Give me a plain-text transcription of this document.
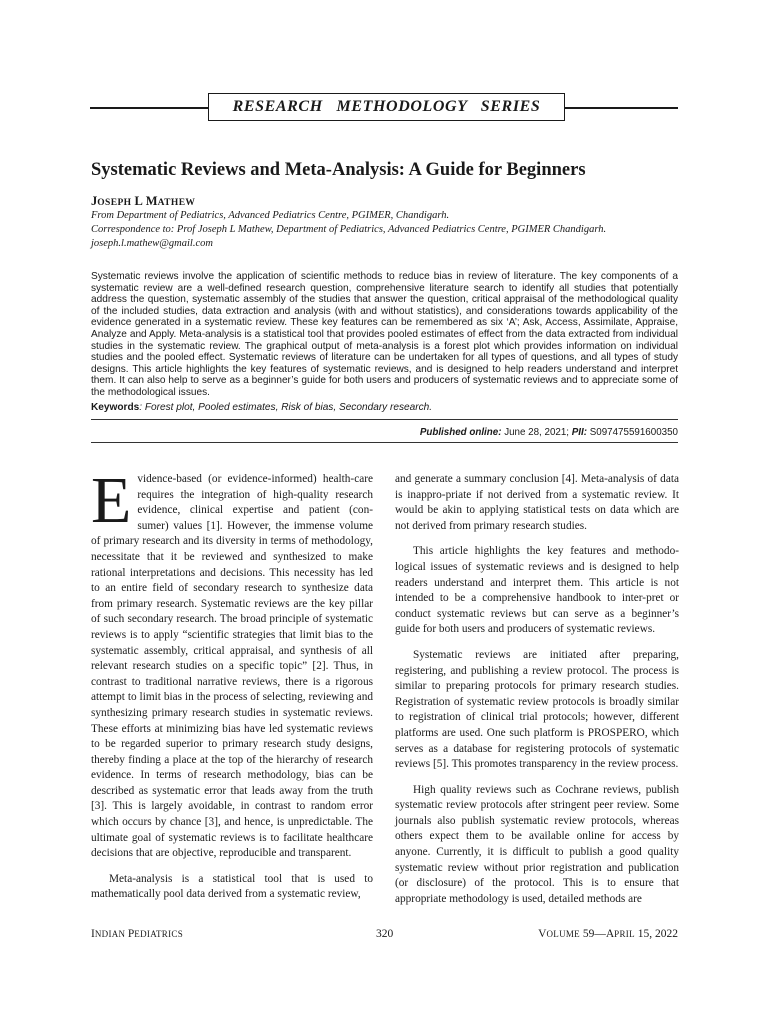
RESEARCH   METHODOLOGY   SERIES
Systematic Reviews and Meta-Analysis: A Guide for Beginners
JOSEPH L MATHEW
From Department of Pediatrics, Advanced Pediatrics Centre, PGIMER, Chandigarh.
Correspondence to: Prof Joseph L Mathew, Department of Pediatrics, Advanced Pediatrics Centre, PGIMER Chandigarh.
joseph.l.mathew@gmail.com
Systematic reviews involve the application of scientific methods to reduce bias in review of literature. The key components of a systematic review are a well-defined research question, comprehensive literature search to identify all studies that potentially address the question, systematic assembly of the studies that answer the question, critical appraisal of the methodological quality of the included studies, data extraction and analysis (with and without statistics), and considerations towards applicability of the evidence generated in a systematic review. These key features can be remembered as six ‘A’; Ask, Access, Assimilate, Appraise, Analyze and Apply. Meta-analysis is a statistical tool that provides pooled estimates of effect from the data extracted from individual studies in the systematic review. The graphical output of meta-analysis is a forest plot which provides information on individual studies and the pooled effect. Systematic reviews of literature can be undertaken for all types of questions, and all types of study designs. This article highlights the key features of systematic reviews, and is designed to help readers understand and interpret them. It can also help to serve as a beginner’s guide for both users and producers of systematic reviews and to appreciate some of the methodological issues.
Keywords: Forest plot, Pooled estimates, Risk of bias, Secondary research.
Published online: June 28, 2021; PII: S097475591600350

Evidence-based (or evidence-informed) health-care requires the integration of high-quality research evidence, clinical expertise and patient (con- sumer) values [1]. However, the immense volume of primary research and its diversity in terms of methodology, necessitate that it be reviewed and synthesized to make rational interpretations and decisions. This necessity has led to an entire field of secondary research to synthesize data from primary research. Systematic reviews are the key pillar of such secondary research. The broad principle of systematic reviews is to apply “scientific strategies that limit bias to the systematic assembly, critical appraisal, and synthesis of all relevant research studies on a specific topic” [2]. Thus, in contrast to traditional narrative reviews, there is a rigorous attempt to limit bias in the process of selecting, reviewing and synthesizing primary research studies in systematic reviews. These efforts at minimizing bias have led systematic reviews to be regarded superior to primary research study designs, thereby finding a place at the top of the hierarchy of research evidence. In terms of research methodology, bias can be described as systematic error that leads away from the truth [3]. This is largely avoidable, in contrast to random error which occurs by chance [3], and hence, is unpredictable. The ultimate goal of systematic reviews is to facilitate healthcare decisions that are objective, reproducible and transparent.

Meta-analysis is a statistical tool that is used to mathematically pool data derived from a systematic review,

and generate a summary conclusion [4]. Meta-analysis of data is inappro-priate if not derived from a systematic review. It would be akin to applying statistical tests on data which are not derived from primary research studies.

This article highlights the key features and methodo-logical issues of systematic reviews and is designed to help readers understand and interpret them. This article is not intended to be a comprehensive handbook to inter-pret or conduct systematic reviews but can serve as a beginner’s guide for both users and producers of systematic reviews.

Systematic reviews are initiated after preparing, registering, and publishing a review protocol. The process is similar to preparing protocols for primary research studies. Registration of systematic review protocols is broadly similar to registration of clinical trial protocols; however, different platforms are used. One such platform is PROSPERO, which serves as a database for registering protocols of systematic reviews [5]. This promotes transparency in the review process.

High quality reviews such as Cochrane reviews, publish systematic review protocols after stringent peer review. Some journals also publish systematic review protocols, whereas others expect them to be available online for access by anyone. Currently, it is difficult to publish a good quality systematic review without prior registration and publication (or disclosure) of the protocol. This is to ensure that appropriate methodology is used, detailed methods are

INDIAN PEDIATRICS	320	VOLUME 59—APRIL 15, 2022
